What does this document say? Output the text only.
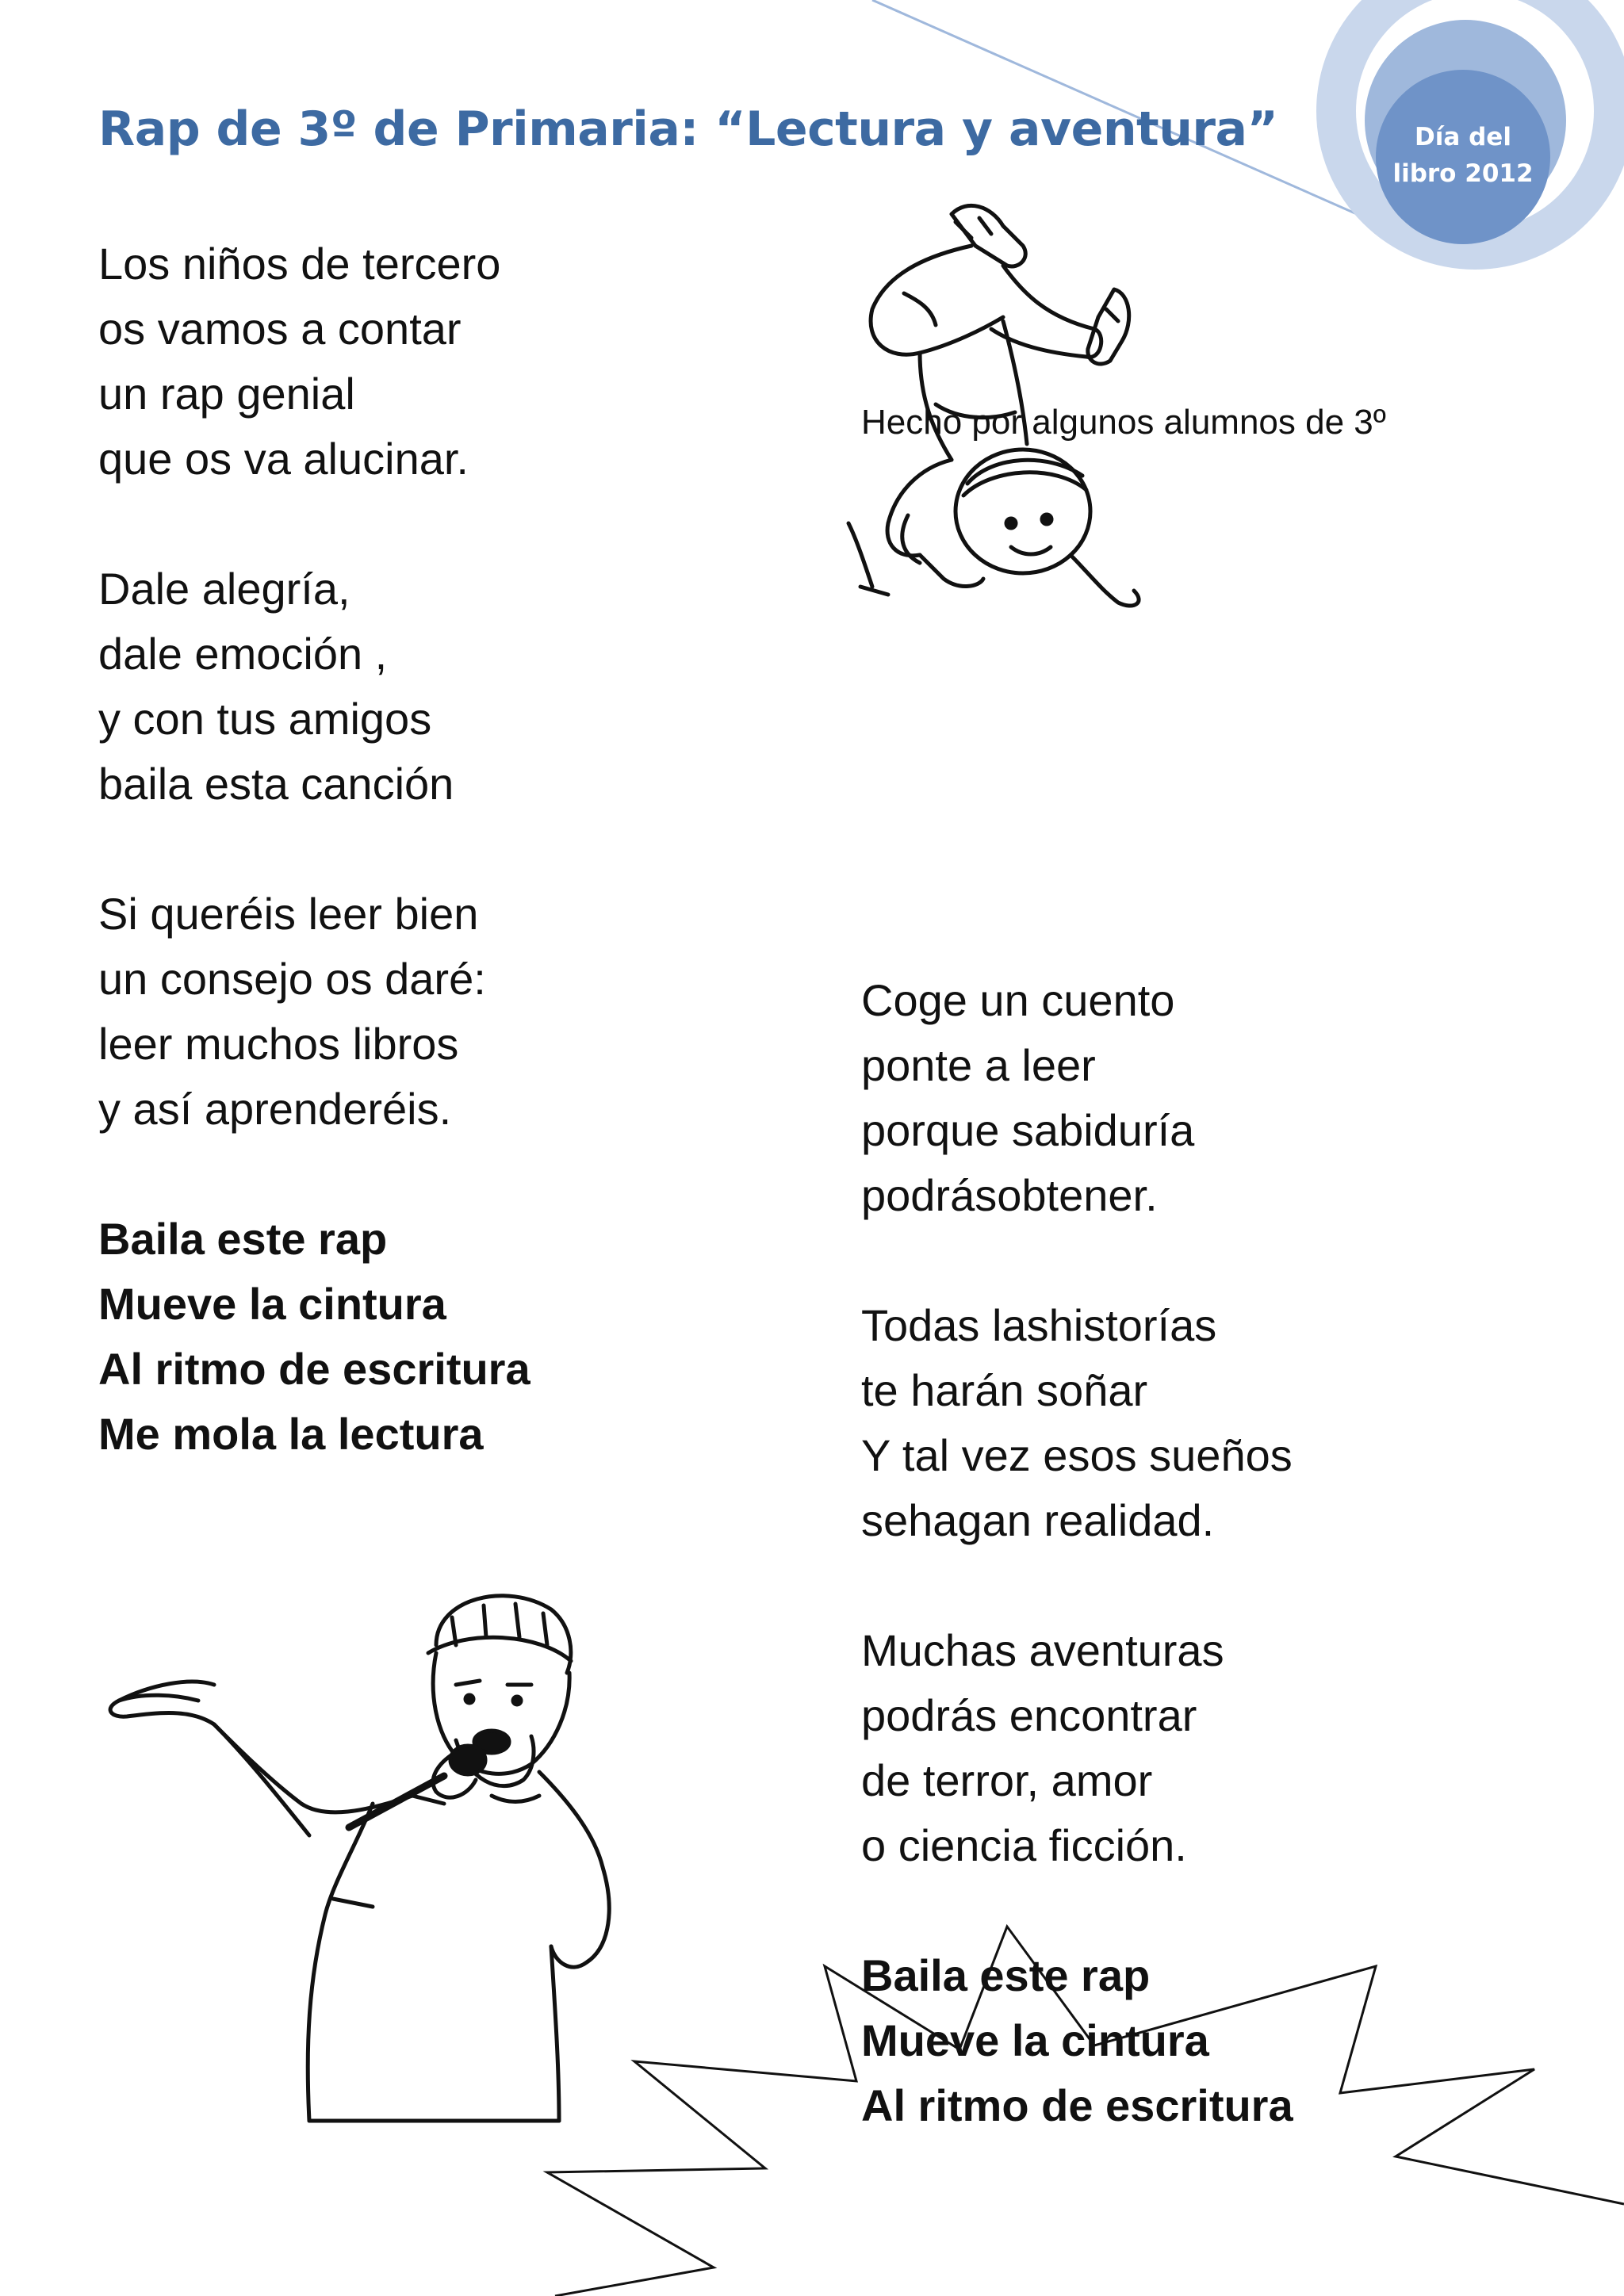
Día del
libro 2012
Rap de 3º de Primaria: “Lectura y aventura”
Hecho por algunos alumnos de 3º
Los niños de tercero
os vamos a contar
un rap genial
que os va alucinar.
Dale alegría,
dale emoción ,
y con tus amigos
baila esta canción
Si queréis leer bien
un consejo os daré:
leer muchos libros
y así aprenderéis.
Baila este rap
Mueve la cintura
Al ritmo de escritura
Me mola la lectura
Coge un cuento
ponte a leer
porque sabiduría
podrásobtener.
Todas lashistorías
te harán soñar
Y tal vez esos sueños
sehagan realidad.
Muchas aventuras
podrás encontrar
de terror, amor
o ciencia ficción.
Baila este rap
Mueve la cintura
Al ritmo de escritura
